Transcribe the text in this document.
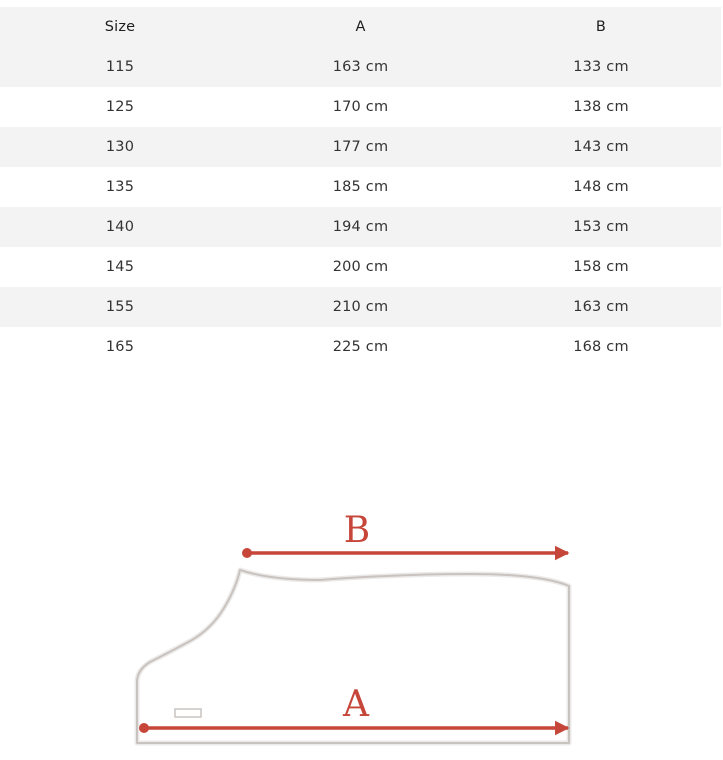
Size	A	B
115	163 cm	133 cm
125	170 cm	138 cm
130	177 cm	143 cm
135	185 cm	148 cm
140	194 cm	153 cm
145	200 cm	158 cm
155	210 cm	163 cm
165	225 cm	168 cm
B
A
